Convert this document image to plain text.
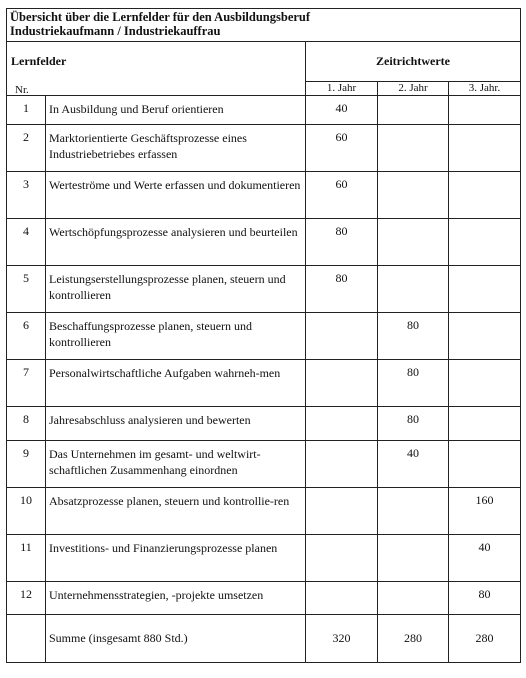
Übersicht über die Lernfelder für den Ausbildungsberuf
Industriekaufmann / Industriekauffrau				

Lernfelder
Nr.		Zeitrichtwerte		
		1. Jahr	2. Jahr	3. Jahr.
1	In Ausbildung und Beruf orientieren	40		
2	Marktorientierte Geschäftsprozesse eines Industriebetriebes erfassen	60		
3	Werteströme und Werte erfassen und dokumentieren	60		
4	Wertschöpfungsprozesse analysieren und beurteilen	80		
5	Leistungserstellungsprozesse planen, steuern und kontrollieren	80		
6	Beschaffungsprozesse planen, steuern und kontrollieren		80	
7	Personalwirtschaftliche Aufgaben wahrneh-men		80	
8	Jahresabschluss analysieren und bewerten		80	
9	Das Unternehmen im gesamt- und weltwirt-schaftlichen Zusammenhang einordnen		40	
10	Absatzprozesse planen, steuern und kontrollie-ren			160
11	Investitions- und Finanzierungsprozesse planen			40
12	Unternehmensstrategien, -projekte umsetzen			80
	Summe (insgesamt 880 Std.)	320	280	280
